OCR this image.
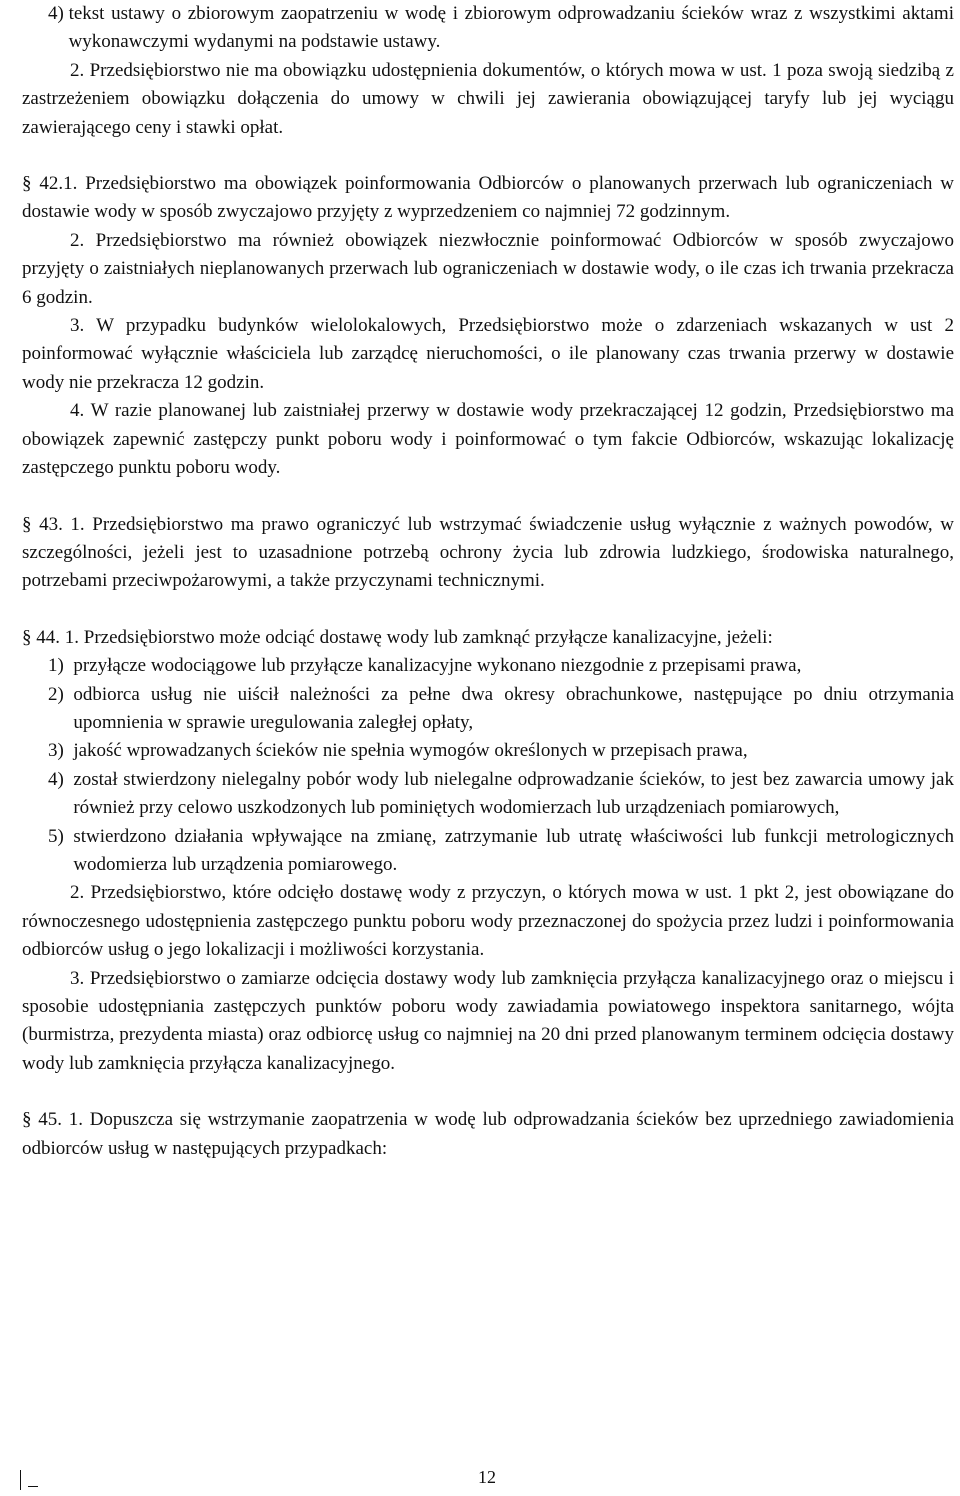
4) tekst ustawy o zbiorowym zaopatrzeniu w wodę i zbiorowym odprowadzaniu ścieków wraz z wszystkimi aktami wykonawczymi wydanymi na podstawie ustawy.

2. Przedsiębiorstwo nie ma obowiązku udostępnienia dokumentów, o których mowa w ust. 1 poza swoją siedzibą z zastrzeżeniem obowiązku dołączenia do umowy w chwili jej zawierania obowiązującej taryfy lub jej wyciągu zawierającego ceny i stawki opłat.

§ 42.1. Przedsiębiorstwo ma obowiązek poinformowania Odbiorców o planowanych przerwach lub ograniczeniach w dostawie wody w sposób zwyczajowo przyjęty z wyprzedzeniem co najmniej 72 godzinnym.

2. Przedsiębiorstwo ma również obowiązek niezwłocznie poinformować Odbiorców w sposób zwyczajowo przyjęty o zaistniałych nieplanowanych przerwach lub ograniczeniach w dostawie wody, o ile czas ich trwania przekracza 6 godzin.

3. W przypadku budynków wielolokalowych, Przedsiębiorstwo może o zdarzeniach wskazanych w ust 2 poinformować wyłącznie właściciela lub zarządcę nieruchomości, o ile planowany czas trwania przerwy w dostawie wody nie przekracza 12 godzin.

4. W razie planowanej lub zaistniałej przerwy w dostawie wody przekraczającej 12 godzin, Przedsiębiorstwo ma obowiązek zapewnić zastępczy punkt poboru wody i poinformować o tym fakcie Odbiorców, wskazując lokalizację zastępczego punktu poboru wody.

§ 43. 1. Przedsiębiorstwo ma prawo ograniczyć lub wstrzymać świadczenie usług wyłącznie z ważnych powodów, w szczególności, jeżeli jest to uzasadnione potrzebą ochrony życia lub zdrowia ludzkiego, środowiska naturalnego, potrzebami przeciwpożarowymi, a także przyczynami technicznymi.

§ 44. 1. Przedsiębiorstwo może odciąć dostawę wody lub zamknąć przyłącze kanalizacyjne, jeżeli:

1) przyłącze wodociągowe lub przyłącze kanalizacyjne wykonano niezgodnie z przepisami prawa,
2) odbiorca usług nie uiścił należności za pełne dwa okresy obrachunkowe, następujące po dniu otrzymania upomnienia w sprawie uregulowania zaległej opłaty,
3) jakość wprowadzanych ścieków nie spełnia wymogów określonych w przepisach prawa,
4) został stwierdzony nielegalny pobór wody lub nielegalne odprowadzanie ścieków, to jest bez zawarcia umowy jak również przy celowo uszkodzonych lub pominiętych wodomierzach lub urządzeniach pomiarowych,
5) stwierdzono działania wpływające na zmianę, zatrzymanie lub utratę właściwości lub funkcji metrologicznych wodomierza lub urządzenia pomiarowego.

2. Przedsiębiorstwo, które odcięło dostawę wody z przyczyn, o których mowa w ust. 1 pkt 2, jest obowiązane do równoczesnego udostępnienia zastępczego punktu poboru wody przeznaczonej do spożycia przez ludzi i poinformowania odbiorców usług o jego lokalizacji i możliwości korzystania.

3. Przedsiębiorstwo o zamiarze odcięcia dostawy wody lub zamknięcia przyłącza kanalizacyjnego oraz o miejscu i sposobie udostępniania zastępczych punktów poboru wody zawiadamia powiatowego inspektora sanitarnego, wójta (burmistrza, prezydenta miasta) oraz odbiorcę usług co najmniej na 20 dni przed planowanym terminem odcięcia dostawy wody lub zamknięcia przyłącza kanalizacyjnego.

§ 45. 1. Dopuszcza się wstrzymanie zaopatrzenia w wodę lub odprowadzania ścieków bez uprzedniego zawiadomienia odbiorców usług w następujących przypadkach:

12
